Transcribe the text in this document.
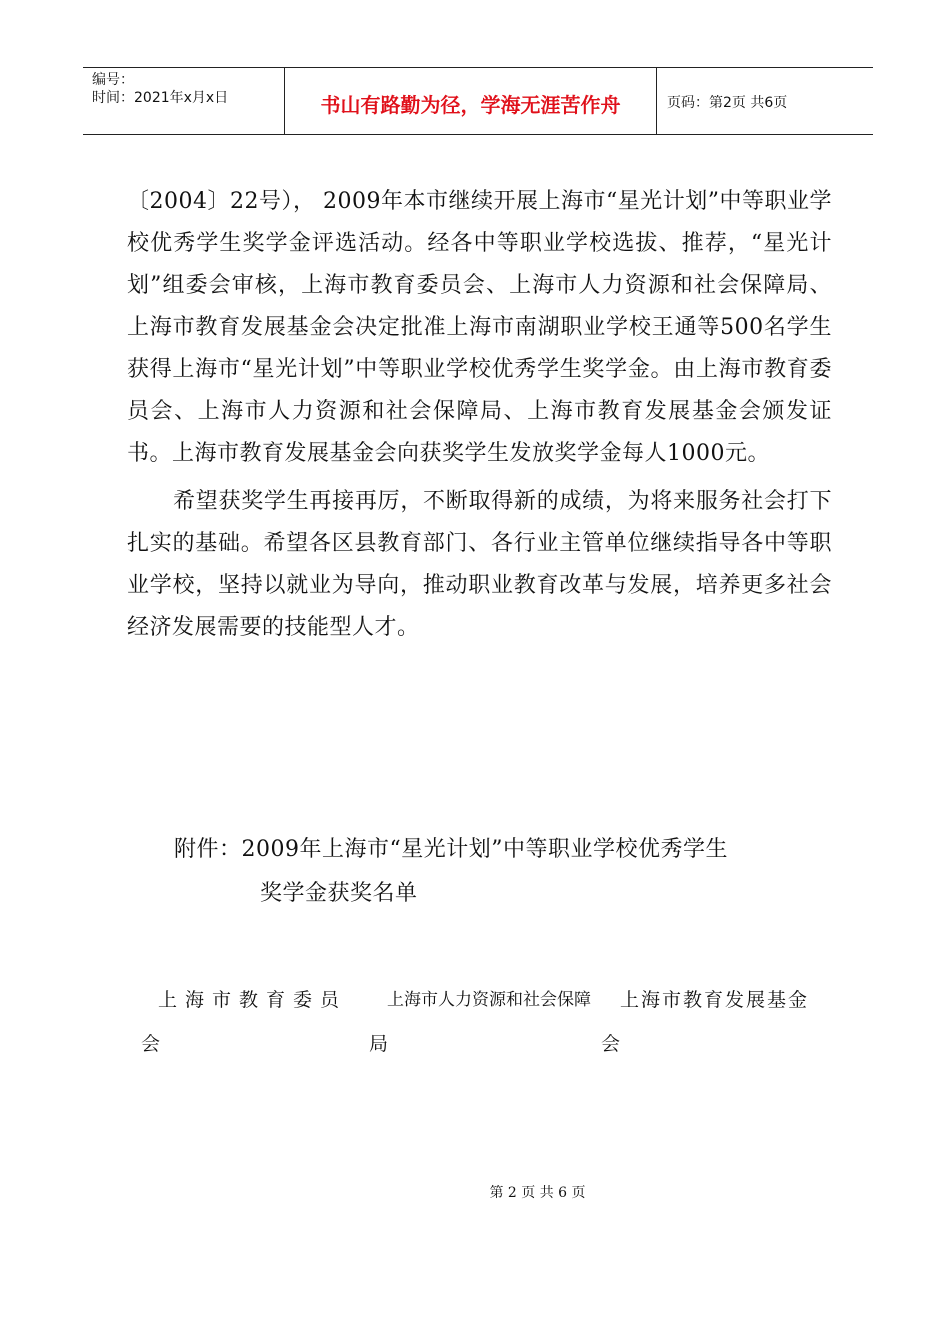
编号：
时间：2021年x月x日	书山有路勤为径，学海无涯苦作舟	页码：第2页 共6页

〔2004〕22号）， 2009年本市继续开展上海市“星光计划”中等职业学校优秀学生奖学金评选活动。经各中等职业学校选拔、推荐，“星光计划”组委会审核，上海市教育委员会、上海市人力资源和社会保障局、上海市教育发展基金会决定批准上海市南湖职业学校王通等500名学生获得上海市“星光计划”中等职业学校优秀学生奖学金。由上海市教育委员会、上海市人力资源和社会保障局、上海市教育发展基金会颁发证书。上海市教育发展基金会向获奖学生发放奖学金每人1000元。

希望获奖学生再接再厉，不断取得新的成绩，为将来服务社会打下扎实的基础。希望各区县教育部门、各行业主管单位继续指导各中等职业学校，坚持以就业为导向，推动职业教育改革与发展，培养更多社会经济发展需要的技能型人才。

附件：2009年上海市“星光计划”中等职业学校优秀学生
奖学金获奖名单
上海市教育委员
会
上海市人力资源和社会保障
局
上海市教育发展基金
会
第 2 页 共 6 页
